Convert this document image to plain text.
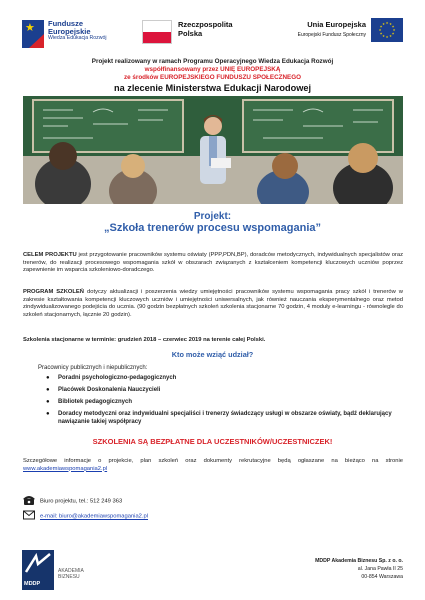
★ Fundusze
Europejskie
Wiedza Edukacja Rozwój
Rzeczpospolita
Polska
Unia Europejska
Europejski Fundusz Społeczny
★ ★
★
★
★
★
★
★
★
★
★
★
Projekt realizowany w ramach Programu Operacyjnego Wiedza Edukacja Rozwój
współfinansowany przez UNIĘ EUROPEJSKĄ
ze środków EUROPEJSKIEGO FUNDUSZU SPOŁECZNEGO
na zlecenie Ministerstwa Edukacji Narodowej
Projekt:
„Szkoła trenerów procesu wspomagania”
CELEM PROJEKTU jest przygotowanie pracowników systemu oświaty (PPP,PDN,BP), doradców metodycznych, indywidualnych specjalistów oraz trenerów, do realizacji procesowego wspomagania szkół w obszarach związanych z kształceniem kompetencji kluczowych uczniów poprzez zapewnienie im wsparcia szkoleniowo-doradczego.
PROGRAM SZKOLEŃ dotyczy aktualizacji i poszerzenia wiedzy umiejętności pracowników systemu wspomagania pracy szkół i trenerów w zakresie kształtowania kompetencji kluczowych uczniów i umiejętności uniwersalnych, jak również nauczania eksperymentalnego oraz metod zindywidualizowanego podejścia do ucznia. (90 godzin bezpłatnych szkoleń szkolenia stacjonarne 70 godzin, 4 moduły e-learningu - równolegle do szkoleń stacjonarnych, łącznie 20 godzin).
Szkolenia stacjonarne w terminie: grudzień 2018 – czerwiec 2019 na terenie całej Polski.
Kto może wziąć udział?
Pracownicy publicznych i niepublicznych:
● Poradni psychologiczno-pedagogicznych
● Placówek Doskonalenia Nauczycieli
● Bibliotek pedagogicznych
● Doradcy metodyczni oraz indywidualni specjaliści i trenerzy świadczący usługi w obszarze oświaty, bądź deklarujący nawiązanie takiej współpracy
SZKOLENIA SĄ BEZPŁATNE DLA UCZESTNIKÓW/UCZESTNICZEK!
Szczegółowe informacje o projekcie, plan szkoleń oraz dokumenty rekrutacyjne będą ogłaszane na bieżąco na stronie www.akademiawspomagania2.pl
Biuro projektu, tel.: 512 249 363
e-mail: biuro@akademiawspomagania2.pl
MDDP
AKADEMIA
BIZNESU
MDDP Akademia Biznesu Sp. z o. o.
al. Jana Pawła II 25
00-854 Warszawa
